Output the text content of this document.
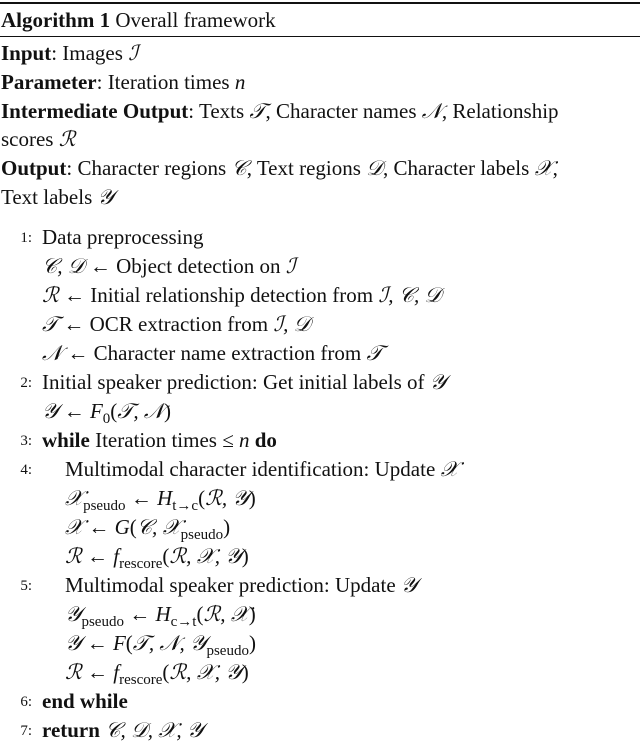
Algorithm 1 Overall framework
Input: Images ℐ
Parameter: Iteration times n
Intermediate Output: Texts 𝒯, Character names 𝒩, Relationship
scores ℛ
Output: Character regions 𝒞, Text regions 𝒟, Character labels 𝒳,
Text labels 𝒴
1: Data preprocessing
𝒞, 𝒟 ← Object detection on ℐ
ℛ ← Initial relationship detection from ℐ, 𝒞, 𝒟
𝒯 ← OCR extraction from ℐ, 𝒟
𝒩 ← Character name extraction from 𝒯
2: Initial speaker prediction: Get initial labels of 𝒴
𝒴 ← $F_0(𝒯$, 𝒩)
3: while Iteration times ≤ n do
4: Multimodal character identification: Update 𝒳
𝒳$_{pseudo}$ ← $H_{t\to c}(ℛ$, 𝒴)
𝒳 ← G(𝒞, 𝒳$_{pseudo}$)
ℛ ← $f_{rescore}(ℛ$, 𝒳, 𝒴)
5: Multimodal speaker prediction: Update 𝒴
𝒴$_{pseudo}$ ← $H_{c\to t}(ℛ$, 𝒳)
𝒴 ← F(𝒯, 𝒩, 𝒴$_{pseudo}$)
ℛ ← $f_{rescore}(ℛ$, 𝒳, 𝒴)
6: end while
7: return 𝒞, 𝒟, 𝒳, 𝒴
